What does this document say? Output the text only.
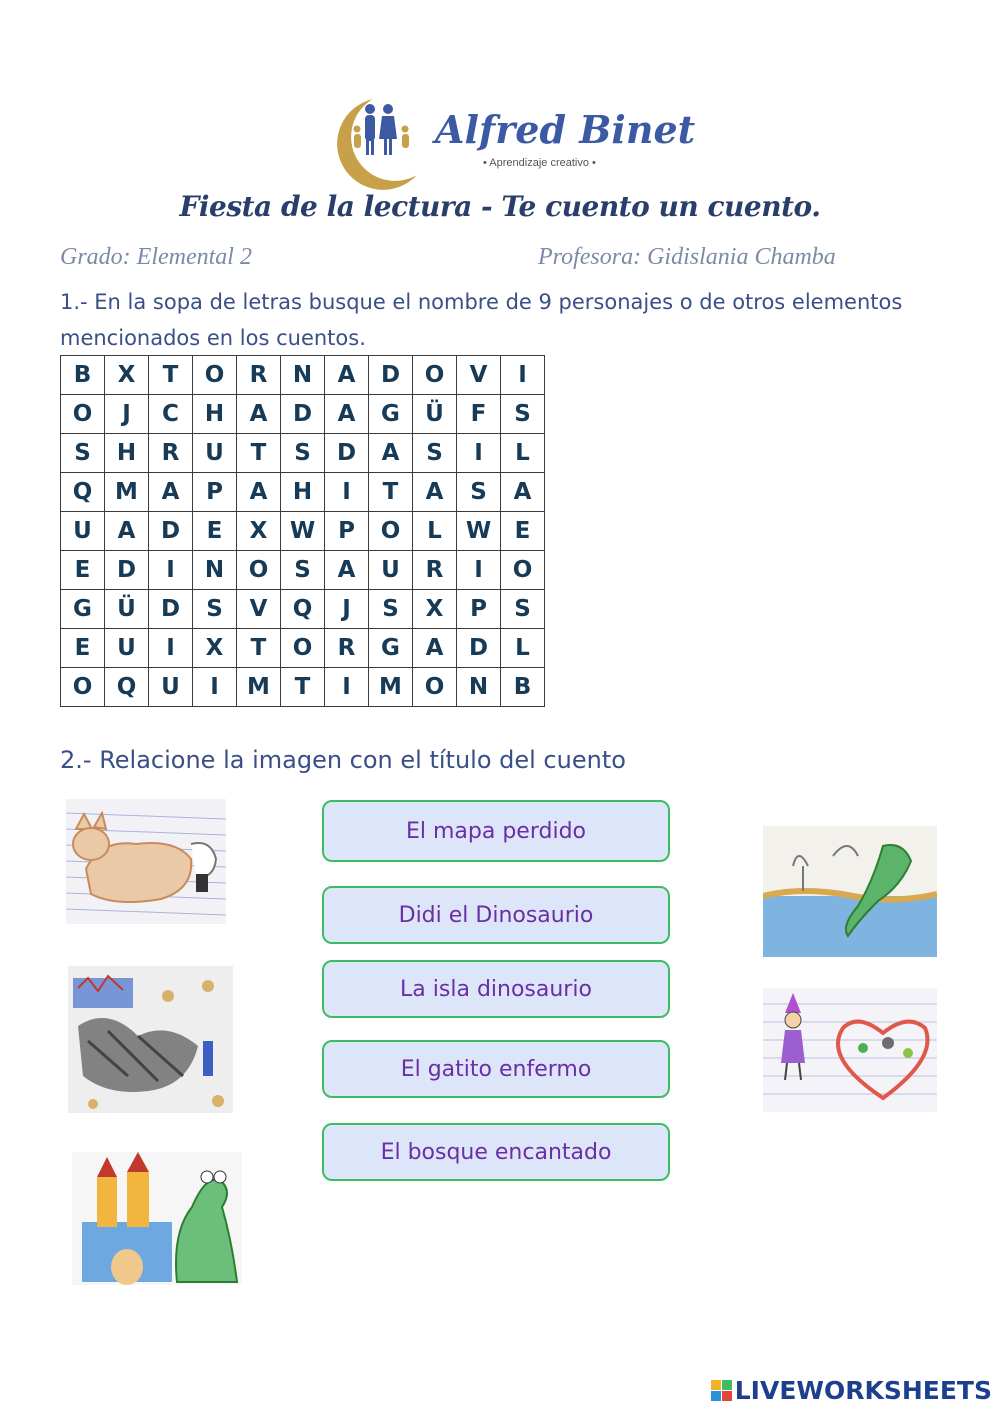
Alfred Binet
• Aprendizaje creativo •
Fiesta de la lectura - Te cuento un cuento.
Grado: Elemental 2	Profesora: Gidislania Chamba
1.- En la sopa de letras busque el nombre de 9 personajes o de otros elementos mencionados en los cuentos.
B	X	T	O	R	N	A	D	O	V	I
O	J	C	H	A	D	A	G	Ü	F	S
S	H	R	U	T	S	D	A	S	I	L
Q	M	A	P	A	H	I	T	A	S	A
U	A	D	E	X	W	P	O	L	W	E
E	D	I	N	O	S	A	U	R	I	O
G	Ü	D	S	V	Q	J	S	X	P	S
E	U	I	X	T	O	R	G	A	D	L
O	Q	U	I	M	T	I	M	O	N	B
2.- Relacione la imagen con el título del cuento
El mapa perdido
Didi el Dinosaurio
La isla dinosaurio
El gatito enfermo
El bosque encantado
LIVEWORKSHEETS
